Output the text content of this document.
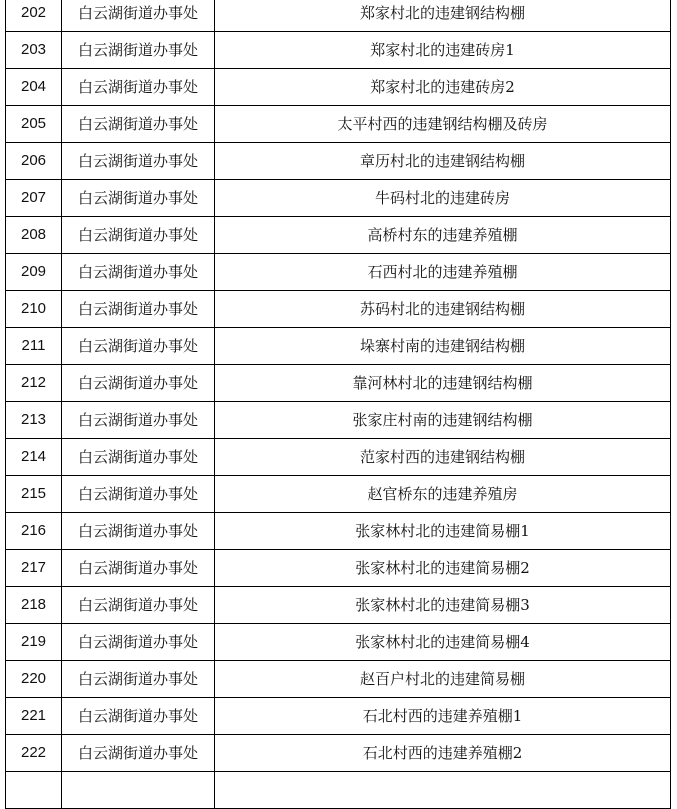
202	白云湖街道办事处	郑家村北的违建钢结构棚
203	白云湖街道办事处	郑家村北的违建砖房1
204	白云湖街道办事处	郑家村北的违建砖房2
205	白云湖街道办事处	太平村西的违建钢结构棚及砖房
206	白云湖街道办事处	章历村北的违建钢结构棚
207	白云湖街道办事处	牛码村北的违建砖房
208	白云湖街道办事处	高桥村东的违建养殖棚
209	白云湖街道办事处	石西村北的违建养殖棚
210	白云湖街道办事处	苏码村北的违建钢结构棚
211	白云湖街道办事处	垛寨村南的违建钢结构棚
212	白云湖街道办事处	靠河林村北的违建钢结构棚
213	白云湖街道办事处	张家庄村南的违建钢结构棚
214	白云湖街道办事处	范家村西的违建钢结构棚
215	白云湖街道办事处	赵官桥东的违建养殖房
216	白云湖街道办事处	张家林村北的违建简易棚1
217	白云湖街道办事处	张家林村北的违建简易棚2
218	白云湖街道办事处	张家林村北的违建简易棚3
219	白云湖街道办事处	张家林村北的违建简易棚4
220	白云湖街道办事处	赵百户村北的违建简易棚
221	白云湖街道办事处	石北村西的违建养殖棚1
222	白云湖街道办事处	石北村西的违建养殖棚2
